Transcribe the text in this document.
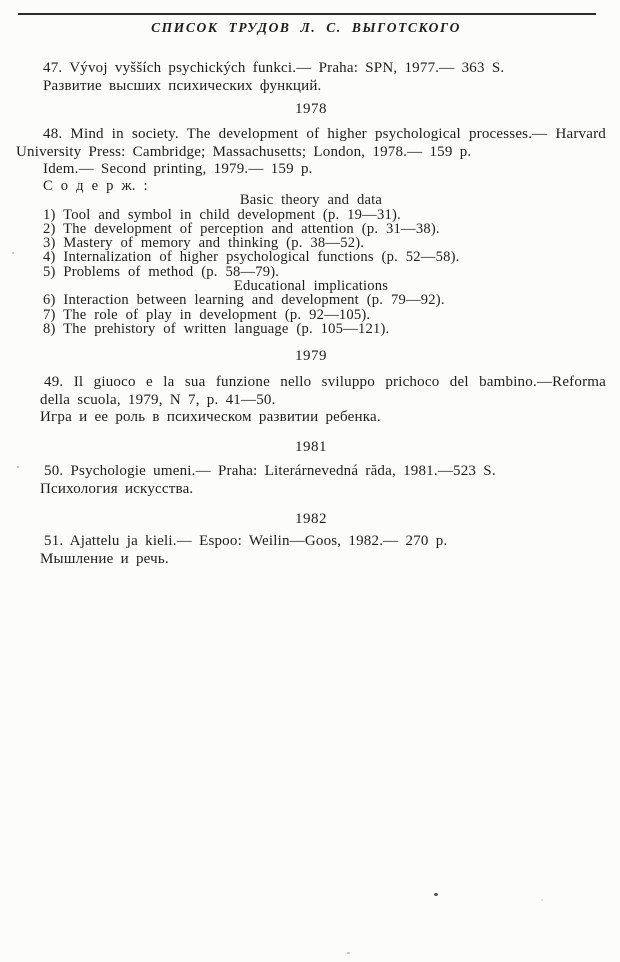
СПИСОК ТРУДОВ Л. С. ВЫГОТСКОГО

47. Vývoj vyšších psychických funkci.— Praha: SPN, 1977.— 363 S.

Развитие высших психических функций.

1978

48. Mind in society. The development of higher psychological processes.— Harvard

University Press: Cambridge; Massachusetts; London, 1978.— 159 p.

Idem.— Second printing, 1979.— 159 p.

С о д е р ж. :

Basic theory and data

1) Tool and symbol in child development (p. 19—31).

2) The development of perception and attention (p. 31—38).

3) Mastery of memory and thinking (p. 38—52).

4) Internalization of higher psychological functions (p. 52—58).

5) Problems of method (p. 58—79).

Educational implications

6) Interaction between learning and development (p. 79—92).

7) The role of play in development (p. 92—105).

8) The prehistory of written language (p. 105—121).

1979

49. Il giuoco e la sua funzione nello sviluppo prichoco del bambino.—Reforma

della scuola, 1979, N 7, p. 41—50.

Игра и ее роль в психическом развитии ребенка.

1981

50. Psychologie umeni.— Praha: Literárnevedná răda, 1981.—523 S.

Психология искусства.

1982

51. Ajattelu ja kieli.— Espoo: Weilin—Goos, 1982.— 270 p.

Мышление и речь.
